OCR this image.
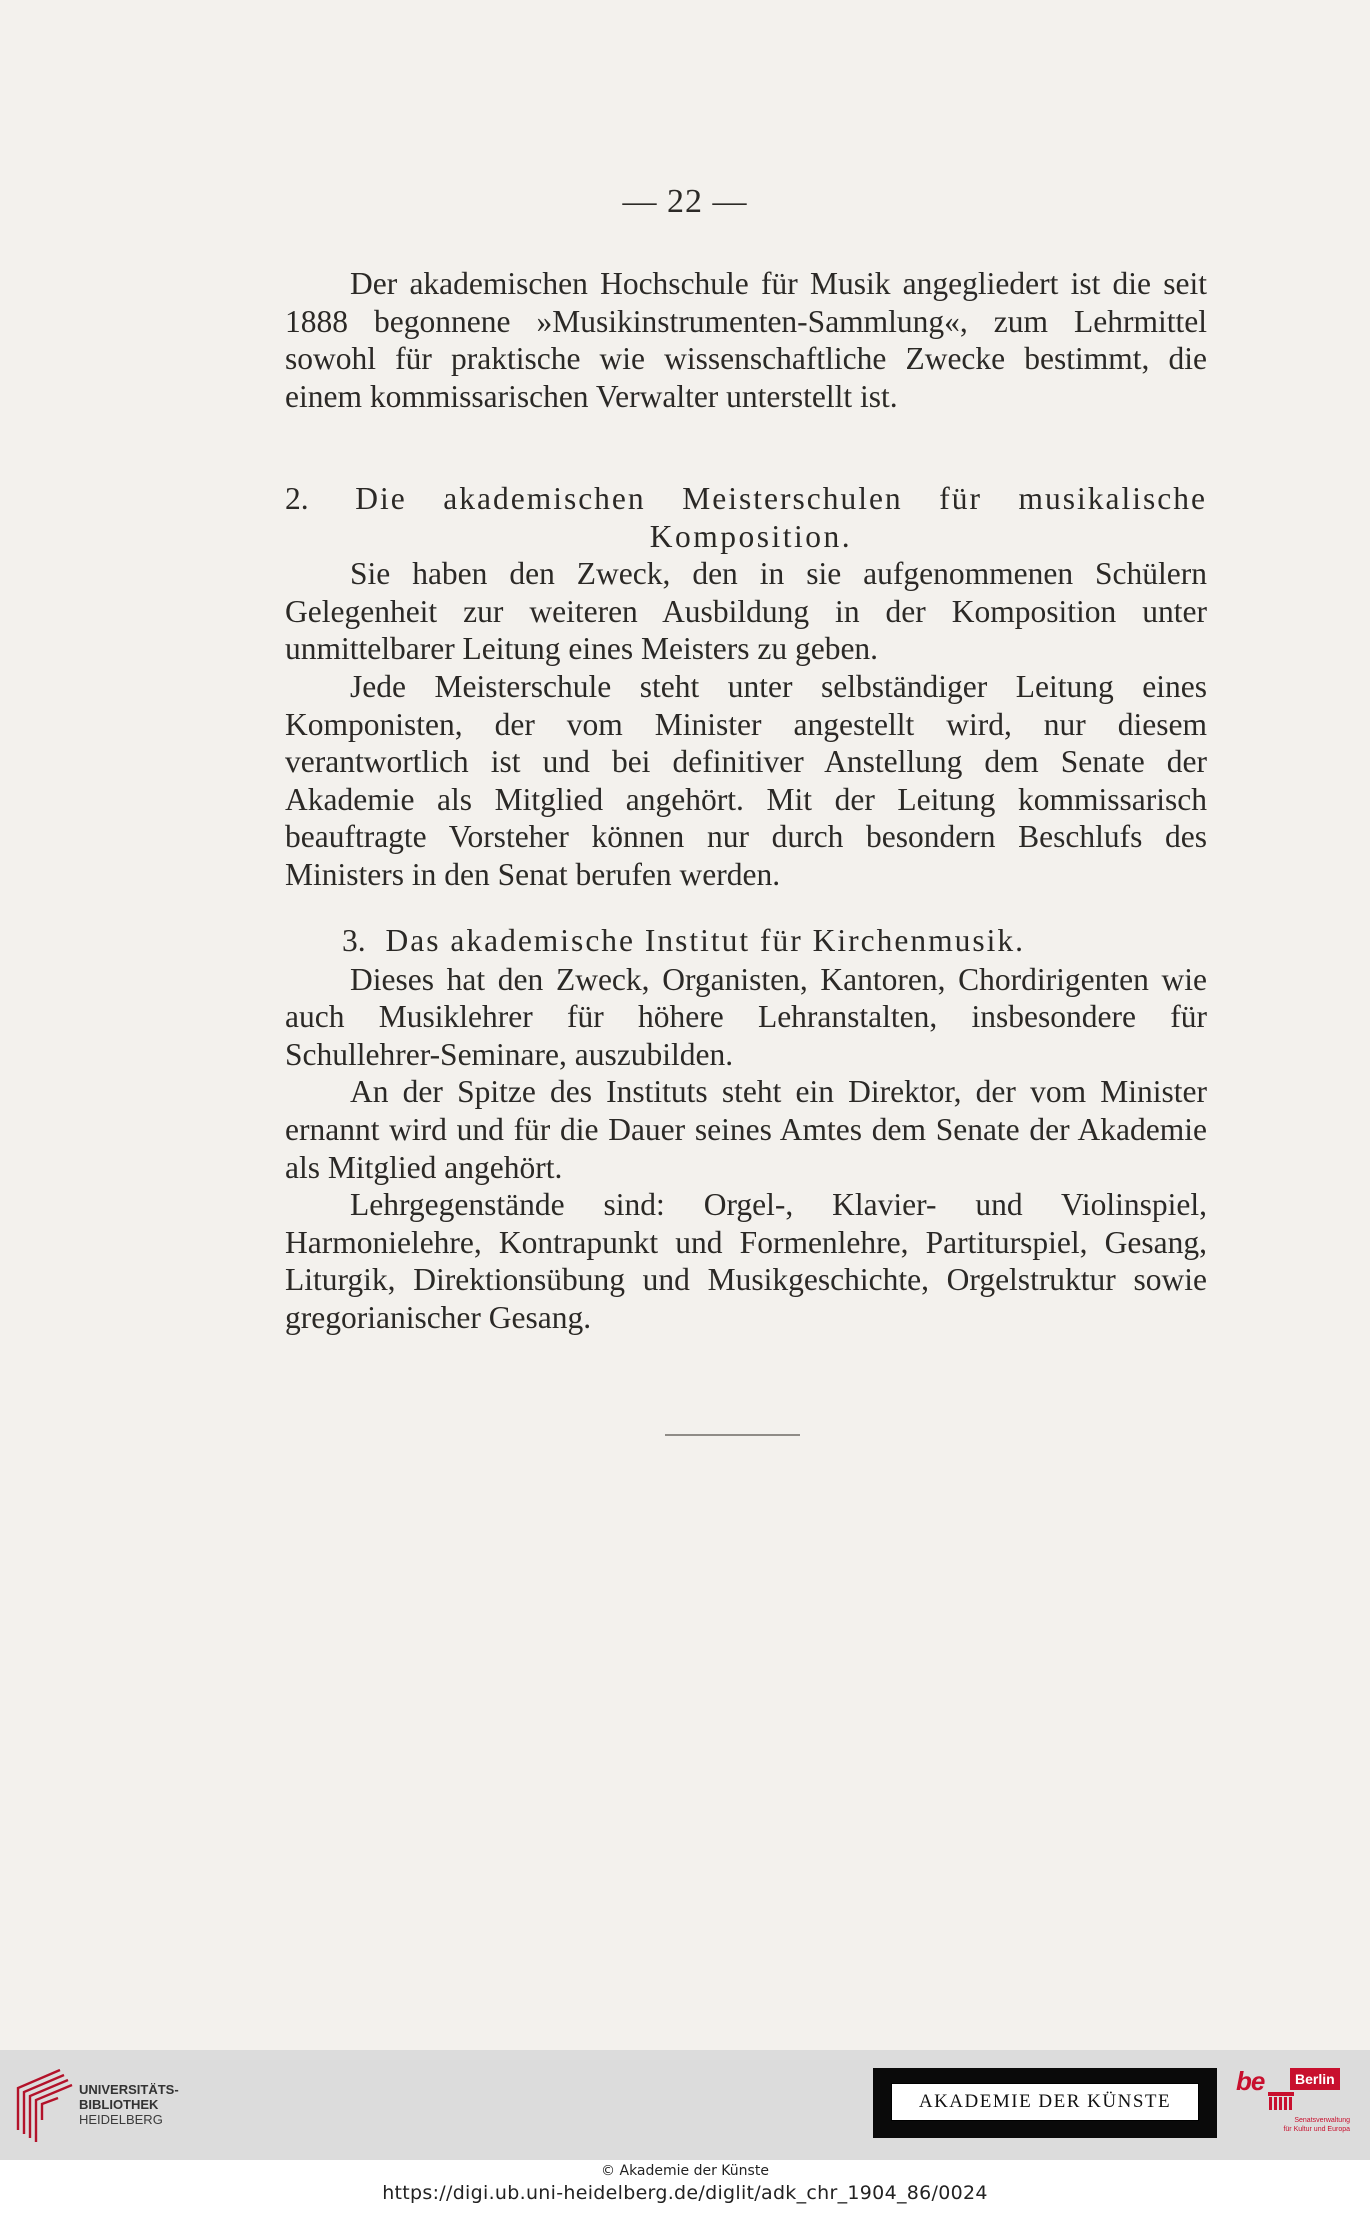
— 22 —

Der akademischen Hochschule für Musik angegliedert ist die seit 1888 begonnene »Musikinstrumenten-Sammlung«, zum Lehrmittel sowohl für praktische wie wissenschaftliche Zwecke bestimmt, die einem kommissarischen Verwalter unterstellt ist.

2. Die akademischen Meisterschulen für musikalische
Komposition.

Sie haben den Zweck, den in sie aufgenommenen Schülern Gelegenheit zur weiteren Ausbildung in der Komposition unter unmittelbarer Leitung eines Meisters zu geben.

Jede Meisterschule steht unter selbständiger Leitung eines Komponisten, der vom Minister angestellt wird, nur diesem verantwortlich ist und bei definitiver Anstellung dem Senate der Akademie als Mitglied angehört. Mit der Leitung kommissarisch beauftragte Vorsteher können nur durch besondern Beschlufs des Ministers in den Senat berufen werden.

3. Das akademische Institut für Kirchenmusik.

Dieses hat den Zweck, Organisten, Kantoren, Chordirigenten wie auch Musiklehrer für höhere Lehranstalten, insbesondere für Schullehrer-Seminare, auszubilden.

An der Spitze des Instituts steht ein Direktor, der vom Minister ernannt wird und für die Dauer seines Amtes dem Senate der Akademie als Mitglied angehört.

Lehrgegenstände sind: Orgel-, Klavier- und Violinspiel, Harmonielehre, Kontrapunkt und Formenlehre, Partiturspiel, Gesang, Liturgik, Direktionsübung und Musikgeschichte, Orgelstruktur sowie gregorianischer Gesang.

UNIVERSITÄTS-
BIBLIOTHEK
HEIDELBERG
AKADEMIE DER KÜNSTE
be	Berlin
Senatsverwaltung
für Kultur und Europa
© Akademie der Künste
https://digi.ub.uni-heidelberg.de/diglit/adk_chr_1904_86/0024
